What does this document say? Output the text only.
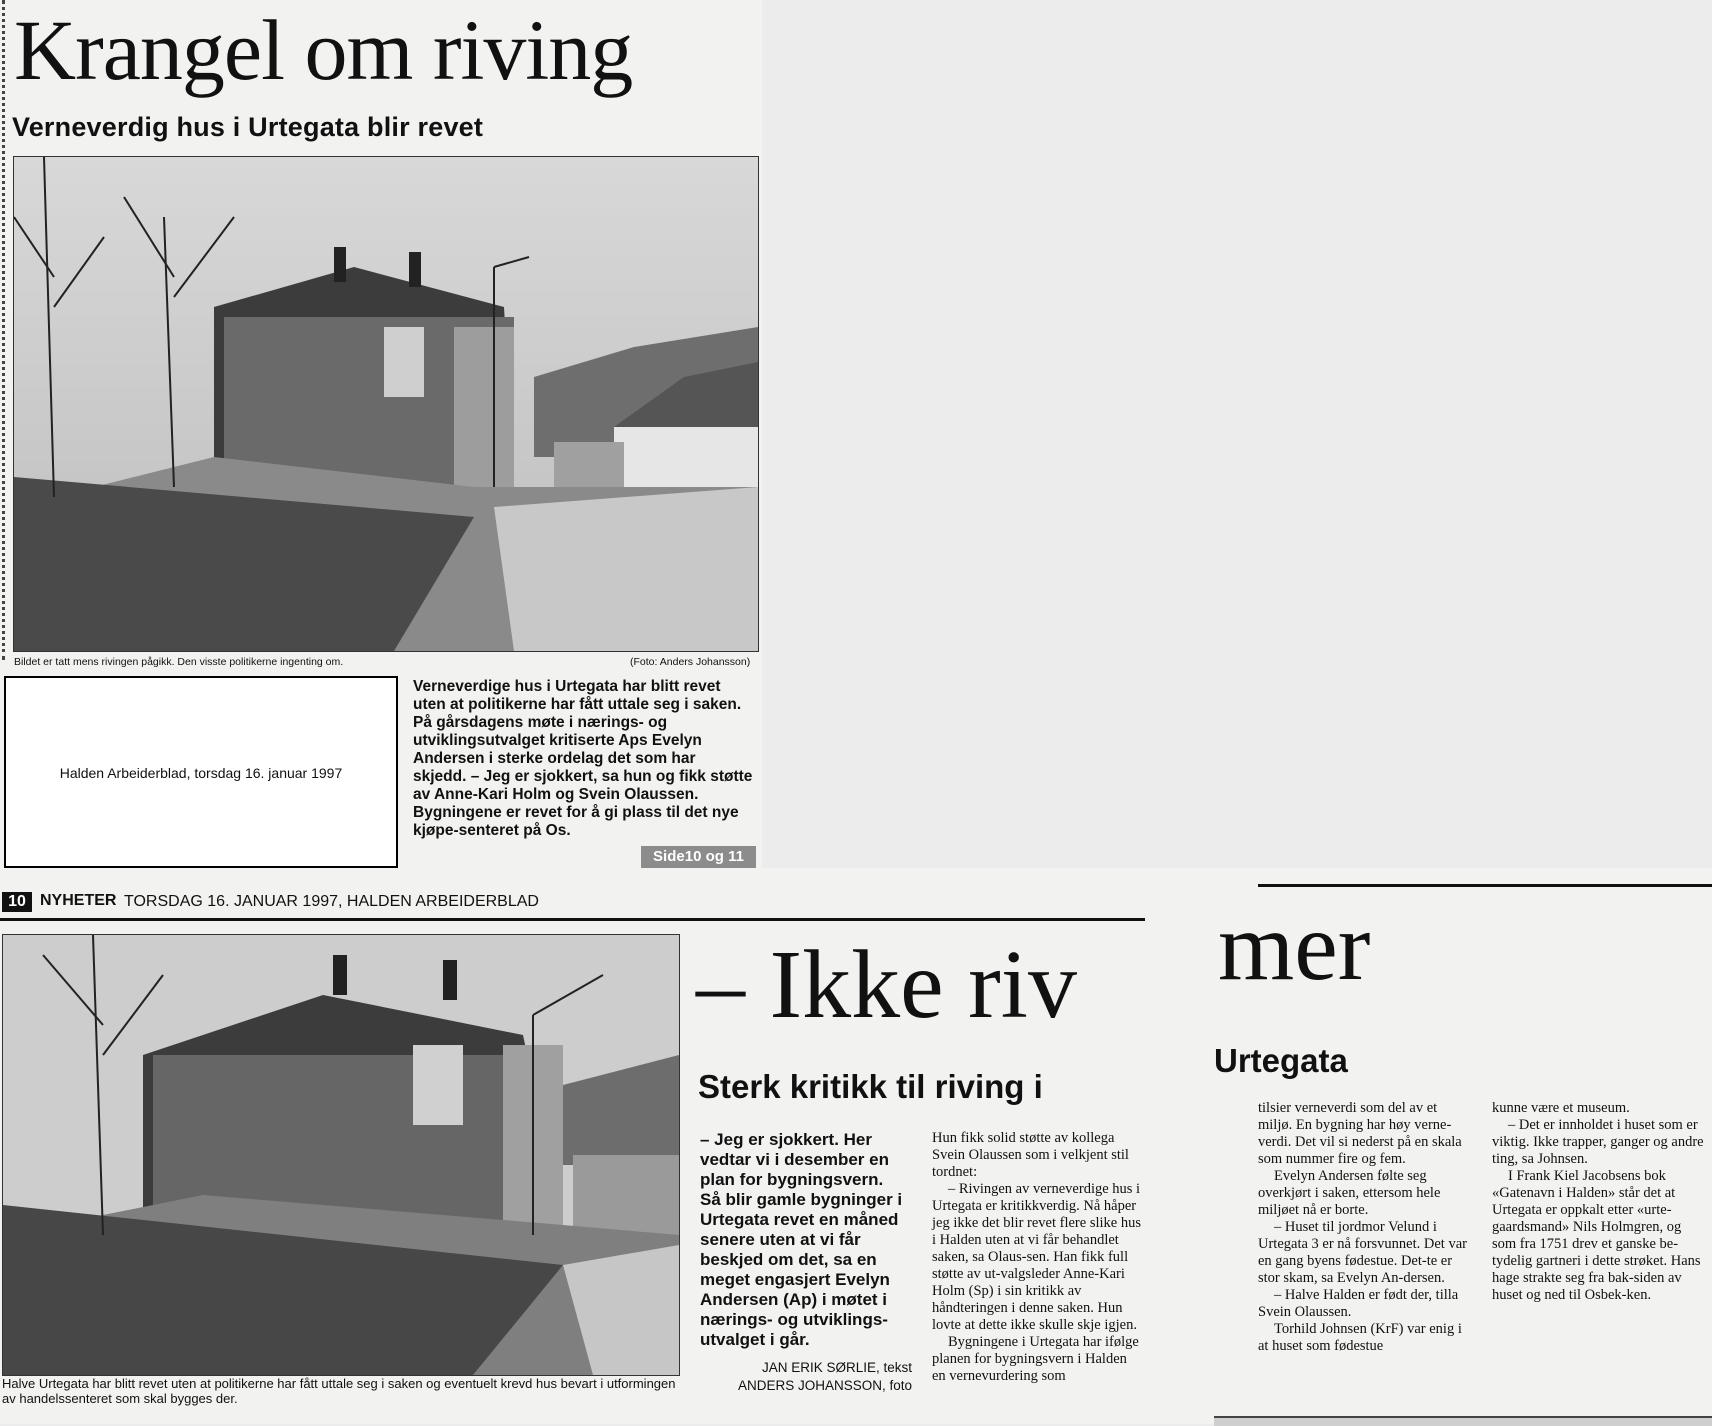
Krangel om riving
Verneverdig hus i Urtegata blir revet
Bildet er tatt mens rivingen pågikk. Den visste politikerne ingenting om.	(Foto: Anders Johansson)
Halden Arbeiderblad, torsdag 16. januar 1997
Verneverdige hus i Urtegata har blitt revet uten at politikerne har fått uttale seg i saken. På gårsdagens møte i nærings- og utviklingsutvalget kritiserte Aps Evelyn Andersen i sterke ordelag det som har skjedd. – Jeg er sjokkert, sa hun og fikk støtte av Anne-Kari Holm og Svein Olaussen. Bygningene er revet for å gi plass til det nye kjøpe-senteret på Os.
Side10 og 11
10 NYHETER TORSDAG 16. JANUAR 1997, HALDEN ARBEIDERBLAD
Halve Urtegata har blitt revet uten at politikerne har fått uttale seg i saken og eventuelt krevd hus bevart i utformingen av handelssenteret som skal bygges der.
– Ikke riv mer
Sterk kritikk til riving i
Urtegata
– Jeg er sjokkert. Her vedtar vi i desember en plan for bygningsvern. Så blir gamle bygninger i Urtegata revet en måned senere uten at vi får beskjed om det, sa en meget engasjert Evelyn Andersen (Ap) i møtet i nærings- og utviklings-utvalget i går.
JAN ERIK SØRLIE, tekst
ANDERS JOHANSSON, foto

Hun fikk solid støtte av kollega Svein Olaussen som i velkjent stil tordnet:

– Rivingen av verneverdige hus i Urtegata er kritikkverdig. Nå håper jeg ikke det blir revet flere slike hus i Halden uten at vi får behandlet saken, sa Olaus-sen. Han fikk full støtte av ut-valgsleder Anne-Kari Holm (Sp) i sin kritikk av håndteringen i denne saken. Hun lovte at dette ikke skulle skje igjen.

Bygningene i Urtegata har ifølge planen for bygningsvern i Halden en vernevurdering som

tilsier verneverdi som del av et miljø. En bygning har høy verne-verdi. Det vil si nederst på en skala som nummer fire og fem.

Evelyn Andersen følte seg overkjørt i saken, ettersom hele miljøet nå er borte.

– Huset til jordmor Velund i Urtegata 3 er nå forsvunnet. Det var en gang byens fødestue. Det-te er stor skam, sa Evelyn An-dersen.

– Halve Halden er født der, tilla Svein Olaussen.

Torhild Johnsen (KrF) var enig i at huset som fødestue

kunne være et museum.

– Det er innholdet i huset som er viktig. Ikke trapper, ganger og andre ting, sa Johnsen.

I Frank Kiel Jacobsens bok «Gatenavn i Halden» står det at Urtegata er oppkalt etter «urte-gaardsmand» Nils Holmgren, og som fra 1751 drev et ganske be-tydelig gartneri i dette strøket. Hans hage strakte seg fra bak-siden av huset og ned til Osbek-ken.
